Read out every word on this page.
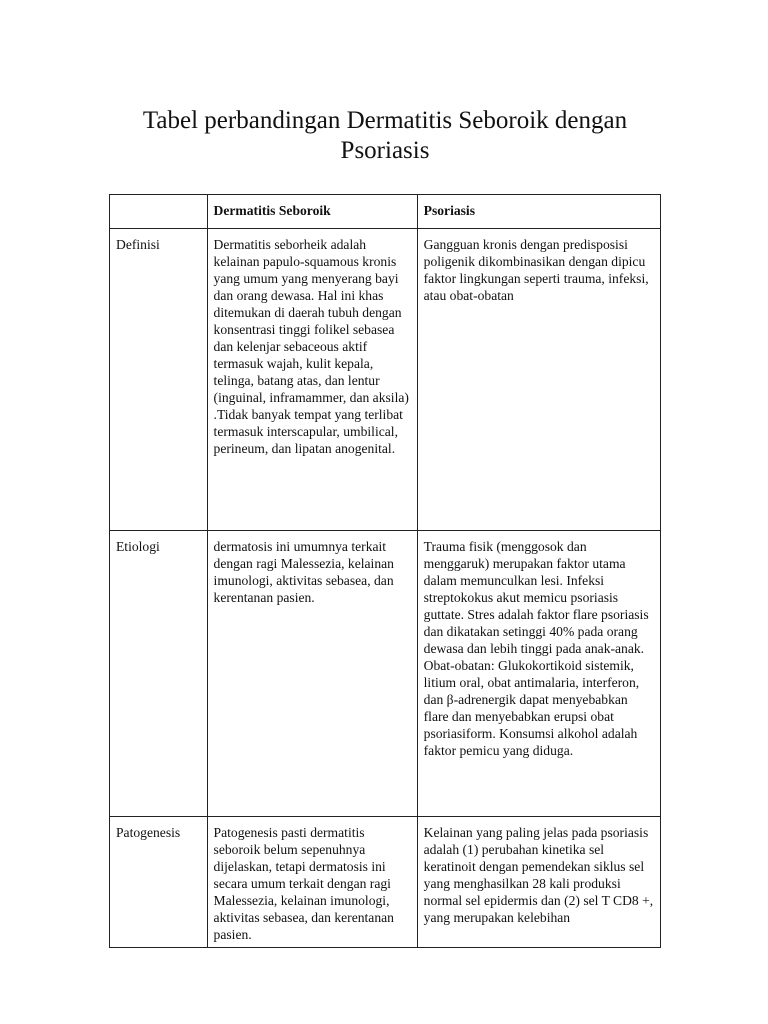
Tabel perbandingan Dermatitis Seboroik dengan Psoriasis
	Dermatitis Seboroik	Psoriasis
Definisi	Dermatitis seborheik adalah kelainan papulo-squamous kronis yang umum yang menyerang bayi dan orang dewasa. Hal ini khas ditemukan di daerah tubuh dengan konsentrasi tinggi folikel sebasea dan kelenjar sebaceous aktif termasuk wajah, kulit kepala, telinga, batang atas, dan lentur (inguinal, inframammer, dan aksila) .Tidak banyak tempat yang terlibat termasuk interscapular, umbilical, perineum, dan lipatan anogenital.	Gangguan kronis dengan predisposisi poligenik dikombinasikan dengan dipicu faktor lingkungan seperti trauma, infeksi, atau obat-obatan
Etiologi	dermatosis ini umumnya terkait dengan ragi Malessezia, kelainan imunologi, aktivitas sebasea, dan kerentanan pasien.	Trauma fisik (menggosok dan menggaruk) merupakan faktor utama dalam memunculkan lesi. Infeksi streptokokus akut memicu psoriasis guttate. Stres adalah faktor flare psoriasis dan dikatakan setinggi 40% pada orang dewasa dan lebih tinggi pada anak-anak. Obat-obatan: Glukokortikoid sistemik, litium oral, obat antimalaria, interferon, dan β-adrenergik dapat menyebabkan flare dan menyebabkan erupsi obat psoriasiform. Konsumsi alkohol adalah faktor pemicu yang diduga.
Patogenesis	Patogenesis pasti dermatitis seboroik belum sepenuhnya dijelaskan, tetapi dermatosis ini secara umum terkait dengan ragi Malessezia, kelainan imunologi, aktivitas sebasea, dan kerentanan pasien.	Kelainan yang paling jelas pada psoriasis adalah (1) perubahan kinetika sel keratinoit dengan pemendekan siklus sel yang menghasilkan 28 kali produksi normal sel epidermis dan (2) sel T CD8 +, yang merupakan kelebihan
